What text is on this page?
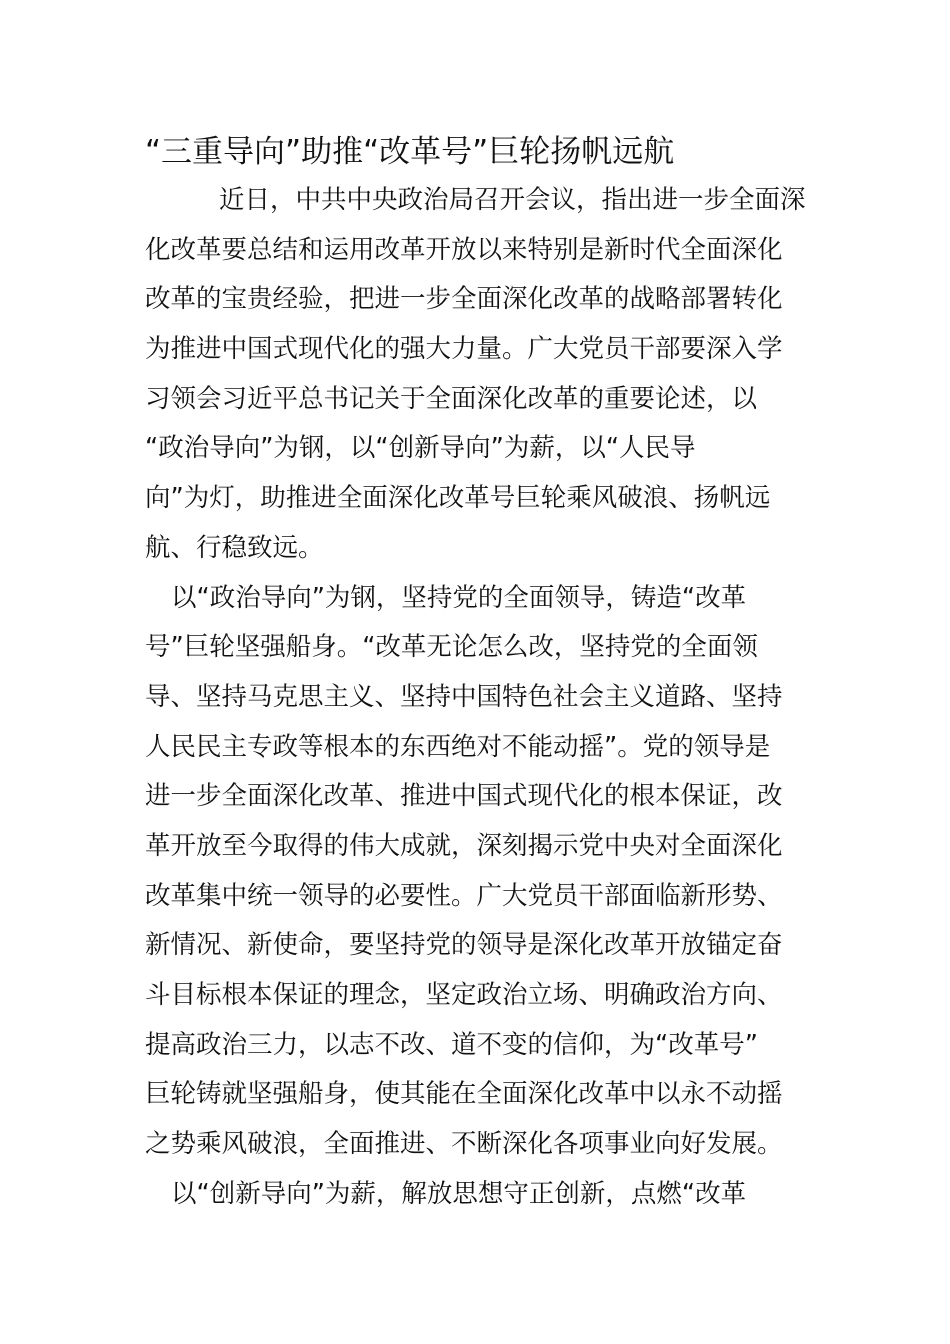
“三重导向”助推“改革号”巨轮扬帆远航
近日，中共中央政治局召开会议，指出进一步全面深
化改革要总结和运用改革开放以来特别是新时代全面深化
改革的宝贵经验，把进一步全面深化改革的战略部署转化
为推进中国式现代化的强大力量。广大党员干部要深入学
习领会习近平总书记关于全面深化改革的重要论述，以
“政治导向”为钢，以“创新导向”为薪，以“人民导
向”为灯，助推进全面深化改革号巨轮乘风破浪、扬帆远
航、行稳致远。
以“政治导向”为钢，坚持党的全面领导，铸造“改革
号”巨轮坚强船身。“改革无论怎么改，坚持党的全面领
导、坚持马克思主义、坚持中国特色社会主义道路、坚持
人民民主专政等根本的东西绝对不能动摇”。党的领导是
进一步全面深化改革、推进中国式现代化的根本保证，改
革开放至今取得的伟大成就，深刻揭示党中央对全面深化
改革集中统一领导的必要性。广大党员干部面临新形势、
新情况、新使命，要坚持党的领导是深化改革开放锚定奋
斗目标根本保证的理念，坚定政治立场、明确政治方向、
提高政治三力，以志不改、道不变的信仰，为“改革号”
巨轮铸就坚强船身，使其能在全面深化改革中以永不动摇
之势乘风破浪，全面推进、不断深化各项事业向好发展。
以“创新导向”为薪，解放思想守正创新，点燃“改革
